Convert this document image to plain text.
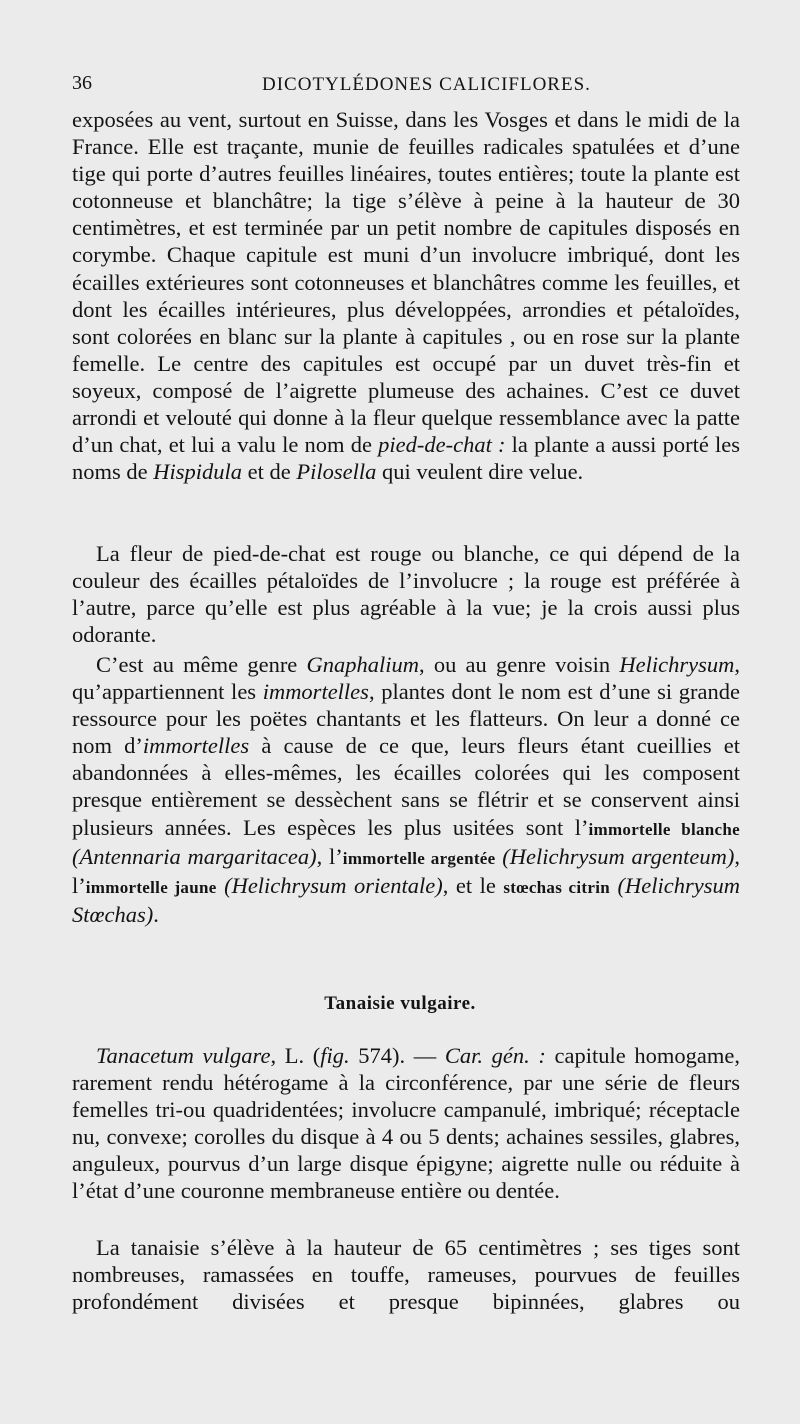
36	DICOTYLÉDONES CALICIFLORES.
exposées au vent, surtout en Suisse, dans les Vosges et dans le midi de la France. Elle est traçante, munie de feuilles radicales spatulées et d’une tige qui porte d’autres feuilles linéaires, toutes entières; toute la plante est cotonneuse et blanchâtre; la tige s’élève à peine à la hauteur de 30 centimètres, et est terminée par un petit nombre de capitules disposés en corymbe. Chaque capitule est muni d’un involucre imbriqué, dont les écailles extérieures sont cotonneuses et blanchâtres comme les feuilles, et dont les écailles intérieures, plus développées, arrondies et pétaloïdes, sont colorées en blanc sur la plante à capitules , ou en rose sur la plante femelle. Le centre des capitules est occupé par un duvet très-fin et soyeux, composé de l’aigrette plumeuse des achaines. C’est ce duvet arrondi et velouté qui donne à la fleur quelque ressemblance avec la patte d’un chat, et lui a valu le nom de pied-de-chat : la plante a aussi porté les noms de Hispidula et de Pilosella qui veulent dire velue.
La fleur de pied-de-chat est rouge ou blanche, ce qui dépend de la couleur des écailles pétaloïdes de l’involucre ; la rouge est préférée à l’autre, parce qu’elle est plus agréable à la vue; je la crois aussi plus odorante.
C’est au même genre Gnaphalium, ou au genre voisin Helichrysum, qu’appartiennent les immortelles, plantes dont le nom est d’une si grande ressource pour les poëtes chantants et les flatteurs. On leur a donné ce nom d’immortelles à cause de ce que, leurs fleurs étant cueillies et abandonnées à elles-mêmes, les écailles colorées qui les composent presque entièrement se dessèchent sans se flétrir et se conservent ainsi plusieurs années. Les espèces les plus usitées sont l’immortelle blanche (Antennaria margaritacea), l’immortelle argentée (Helichrysum argenteum), l’immortelle jaune (Helichrysum orientale), et le stœchas citrin (Helichrysum Stœchas).
Tanaisie vulgaire.
Tanacetum vulgare, L. (fig. 574). — Car. gén. : capitule homogame, rarement rendu hétérogame à la circonférence, par une série de fleurs femelles tri-ou quadridentées; involucre campanulé, imbriqué; réceptacle nu, convexe; corolles du disque à 4 ou 5 dents; achaines sessiles, glabres, anguleux, pourvus d’un large disque épigyne; aigrette nulle ou réduite à l’état d’une couronne membraneuse entière ou dentée.
La tanaisie s’élève à la hauteur de 65 centimètres ; ses tiges sont nombreuses, ramassées en touffe, rameuses, pourvues de feuilles profondément divisées et presque bipinnées, glabres ou
